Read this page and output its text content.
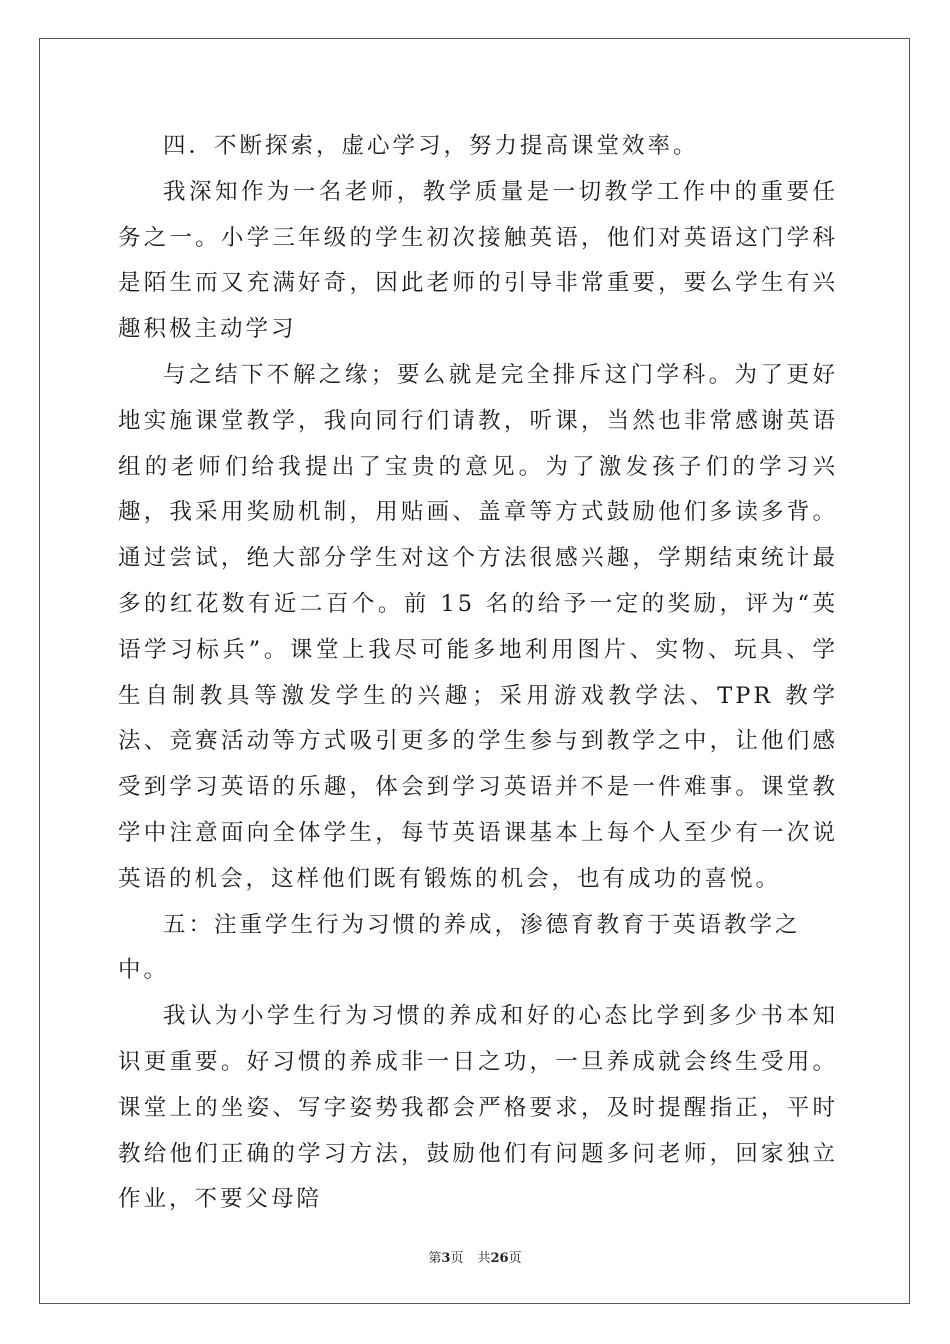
四．不断探索，虚心学习，努力提高课堂效率。

我深知作为一名老师，教学质量是一切教学工作中的重要任务之一。小学三年级的学生初次接触英语，他们对英语这门学科是陌生而又充满好奇，因此老师的引导非常重要，要么学生有兴趣积极主动学习

与之结下不解之缘；要么就是完全排斥这门学科。为了更好地实施课堂教学，我向同行们请教，听课，当然也非常感谢英语组的老师们给我提出了宝贵的意见。为了激发孩子们的学习兴趣，我采用奖励机制，用贴画、盖章等方式鼓励他们多读多背。通过尝试，绝大部分学生对这个方法很感兴趣，学期结束统计最多的红花数有近二百个。前 15 名的给予一定的奖励，评为“英语学习标兵”。课堂上我尽可能多地利用图片、实物、玩具、学生自制教具等激发学生的兴趣；采用游戏教学法、TPR 教学法、竞赛活动等方式吸引更多的学生参与到教学之中，让他们感受到学习英语的乐趣，体会到学习英语并不是一件难事。课堂教学中注意面向全体学生，每节英语课基本上每个人至少有一次说英语的机会，这样他们既有锻炼的机会，也有成功的喜悦。

五：注重学生行为习惯的养成，渗德育教育于英语教学之中。

我认为小学生行为习惯的养成和好的心态比学到多少书本知识更重要。好习惯的养成非一日之功，一旦养成就会终生受用。课堂上的坐姿、写字姿势我都会严格要求，及时提醒指正，平时教给他们正确的学习方法，鼓励他们有问题多问老师，回家独立作业，不要父母陪

第3页 共26页
